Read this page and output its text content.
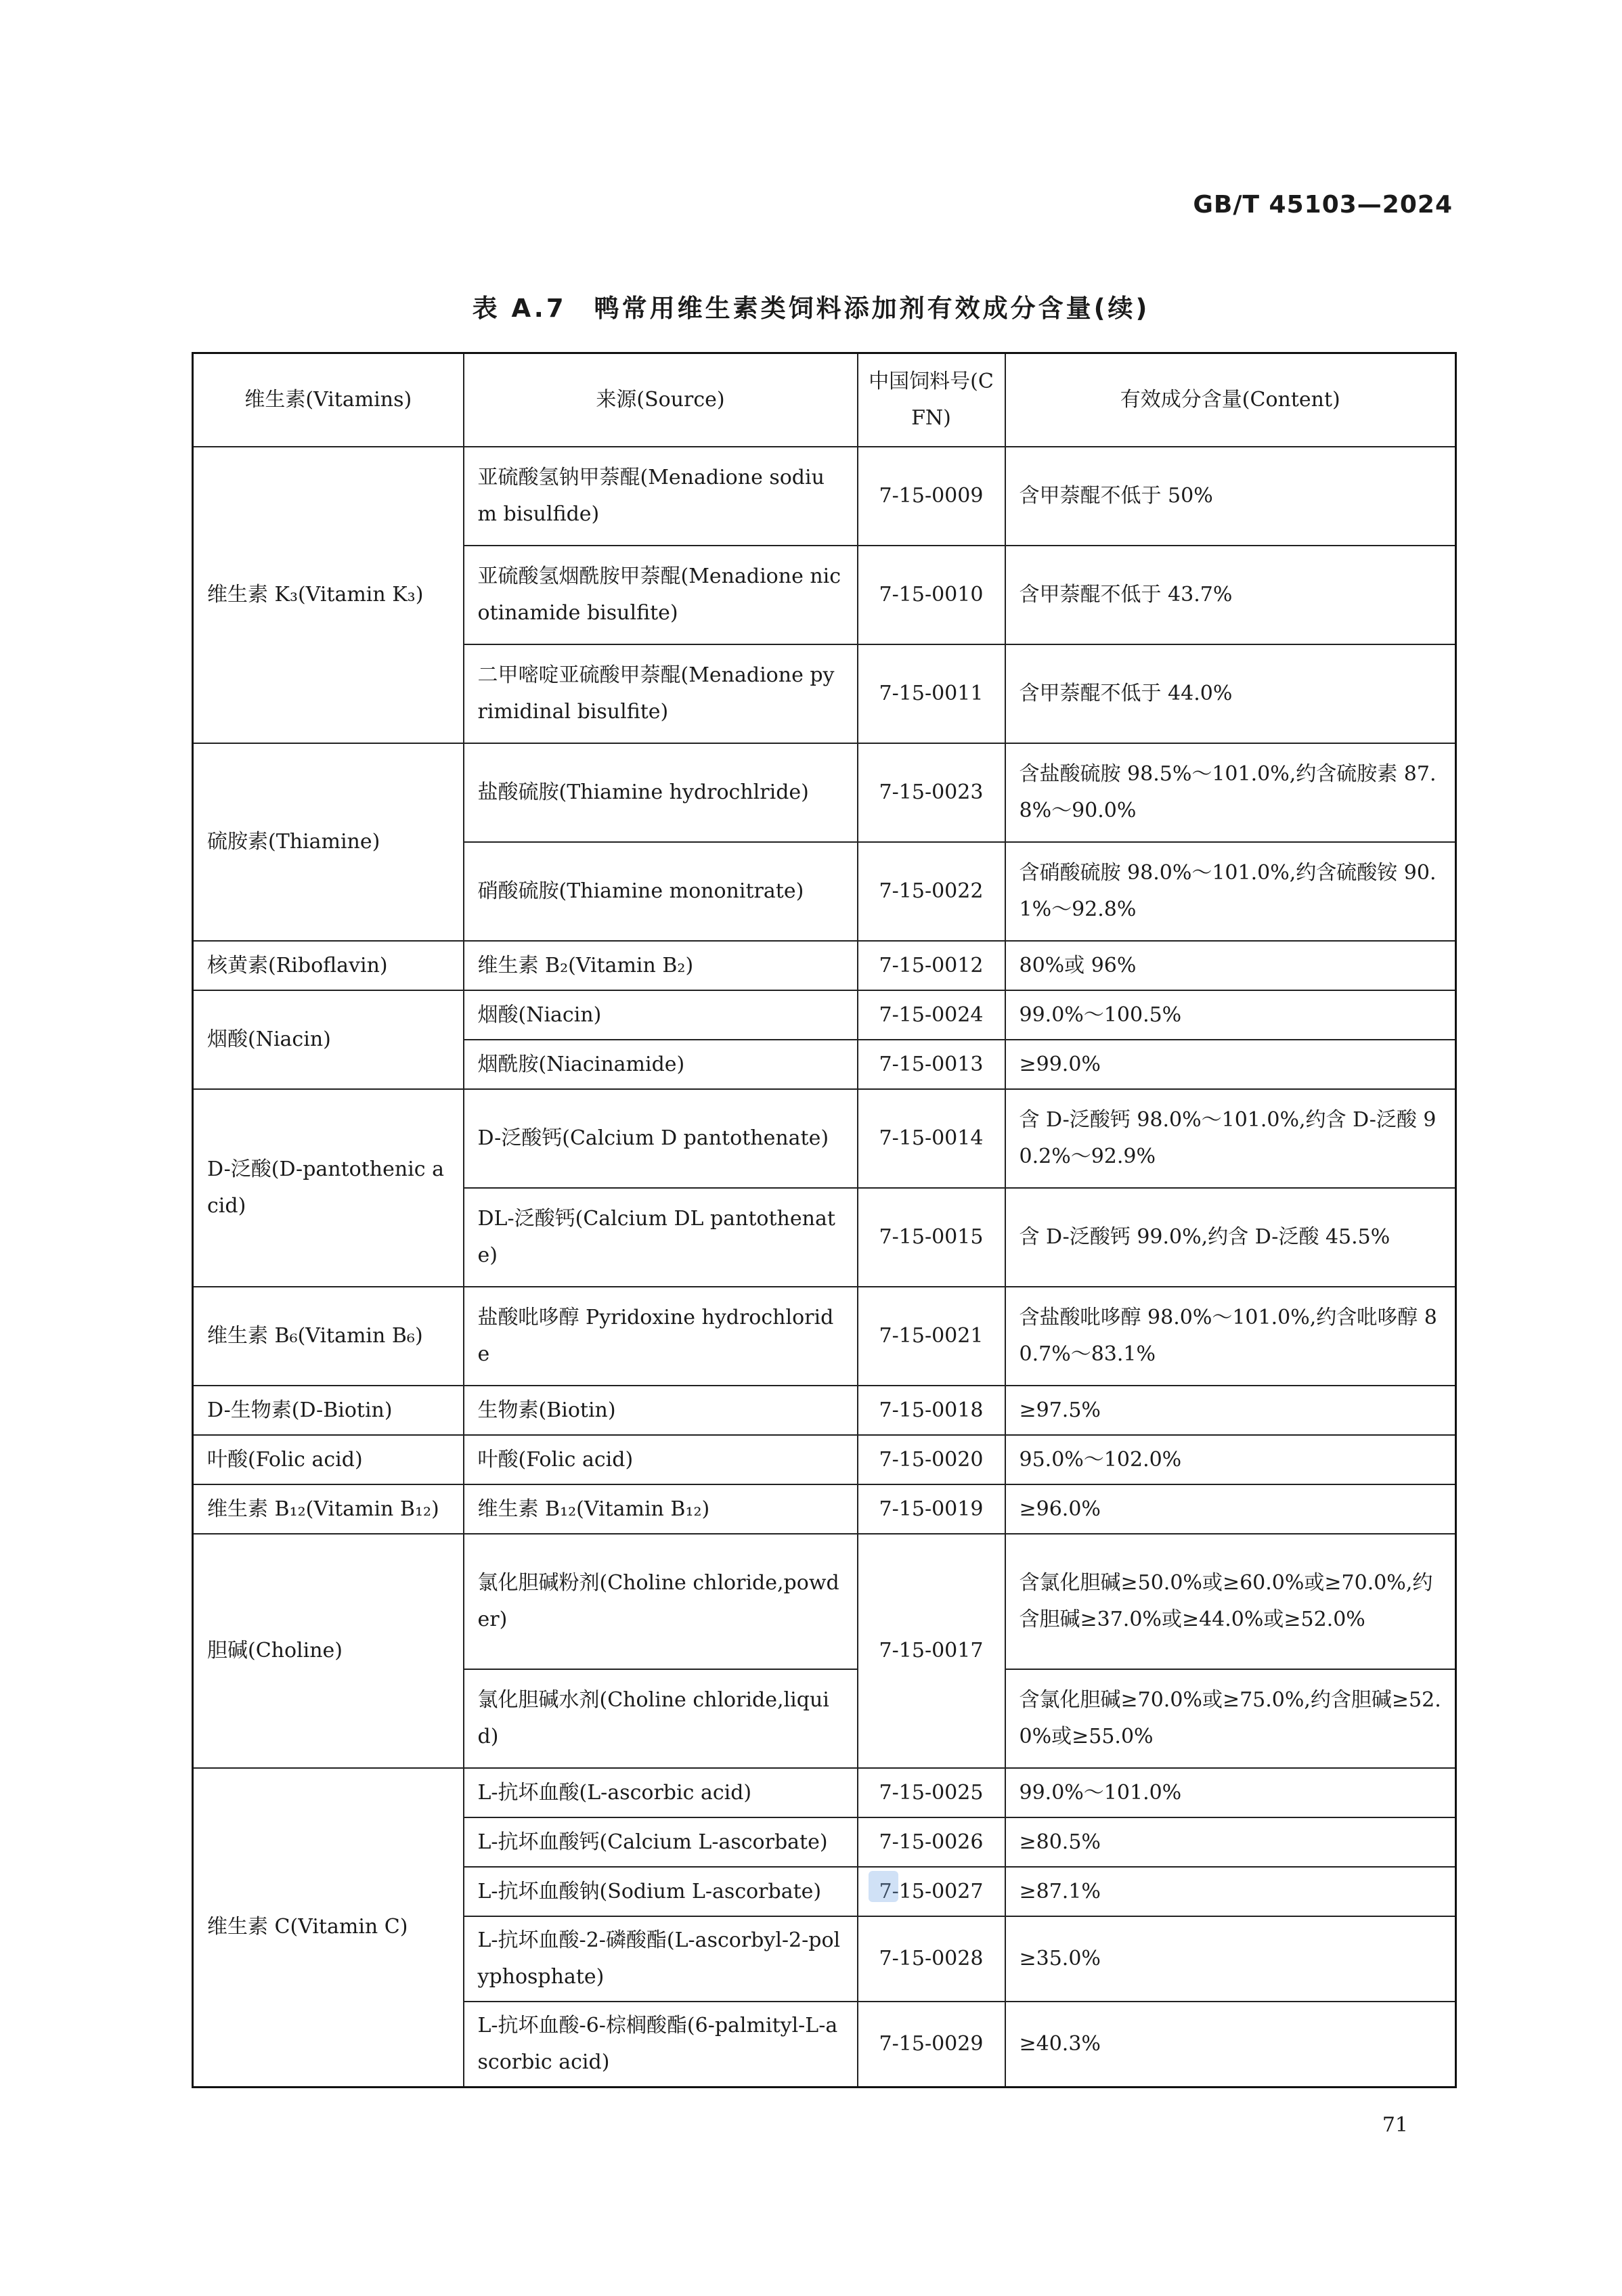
GB/T 45103—2024
表 A.7　鸭常用维生素类饲料添加剂有效成分含量(续)
维生素(Vitamins)	来源(Source)	中国饲料号(CFN)	有效成分含量(Content)
维生素 K₃(Vitamin K₃)	亚硫酸氢钠甲萘醌(Menadione sodium bisulfide)	7-15-0009	含甲萘醌不低于 50%
	亚硫酸氢烟酰胺甲萘醌(Menadione nicotinamide bisulfite)	7-15-0010	含甲萘醌不低于 43.7%
	二甲嘧啶亚硫酸甲萘醌(Menadione pyrimidinal bisulfite)	7-15-0011	含甲萘醌不低于 44.0%
硫胺素(Thiamine)	盐酸硫胺(Thiamine hydrochlride)	7-15-0023	含盐酸硫胺 98.5%～101.0%,约含硫胺素 87.8%～90.0%
	硝酸硫胺(Thiamine mononitrate)	7-15-0022	含硝酸硫胺 98.0%～101.0%,约含硫酸铵 90.1%～92.8%
核黄素(Riboflavin)	维生素 B₂(Vitamin B₂)	7-15-0012	80%或 96%
烟酸(Niacin)	烟酸(Niacin)	7-15-0024	99.0%～100.5%
	烟酰胺(Niacinamide)	7-15-0013	≥99.0%
D-泛酸(D-pantothenic acid)	D-泛酸钙(Calcium D pantothenate)	7-15-0014	含 D-泛酸钙 98.0%～101.0%,约含 D-泛酸 90.2%～92.9%
	DL-泛酸钙(Calcium DL pantothenate)	7-15-0015	含 D-泛酸钙 99.0%,约含 D-泛酸 45.5%
维生素 B₆(Vitamin B₆)	盐酸吡哆醇 Pyridoxine hydrochloride	7-15-0021	含盐酸吡哆醇 98.0%～101.0%,约含吡哆醇 80.7%～83.1%
D-生物素(D-Biotin)	生物素(Biotin)	7-15-0018	≥97.5%
叶酸(Folic acid)	叶酸(Folic acid)	7-15-0020	95.0%～102.0%
维生素 B₁₂(Vitamin B₁₂)	维生素 B₁₂(Vitamin B₁₂)	7-15-0019	≥96.0%
胆碱(Choline)	氯化胆碱粉剂(Choline chloride,powder)	7-15-0017	含氯化胆碱≥50.0%或≥60.0%或≥70.0%,约含胆碱≥37.0%或≥44.0%或≥52.0%
	氯化胆碱水剂(Choline chloride,liquid)		含氯化胆碱≥70.0%或≥75.0%,约含胆碱≥52.0%或≥55.0%
维生素 C(Vitamin C)	L-抗坏血酸(L-ascorbic acid)	7-15-0025	99.0%～101.0%
	L-抗坏血酸钙(Calcium L-ascorbate)	7-15-0026	≥80.5%
	L-抗坏血酸钠(Sodium L-ascorbate)	7-15-0027	≥87.1%
	L-抗坏血酸-2-磷酸酯(L-ascorbyl-2-polyphosphate)	7-15-0028	≥35.0%
	L-抗坏血酸-6-棕榈酸酯(6-palmityl-L-ascorbic acid)	7-15-0029	≥40.3%
71
